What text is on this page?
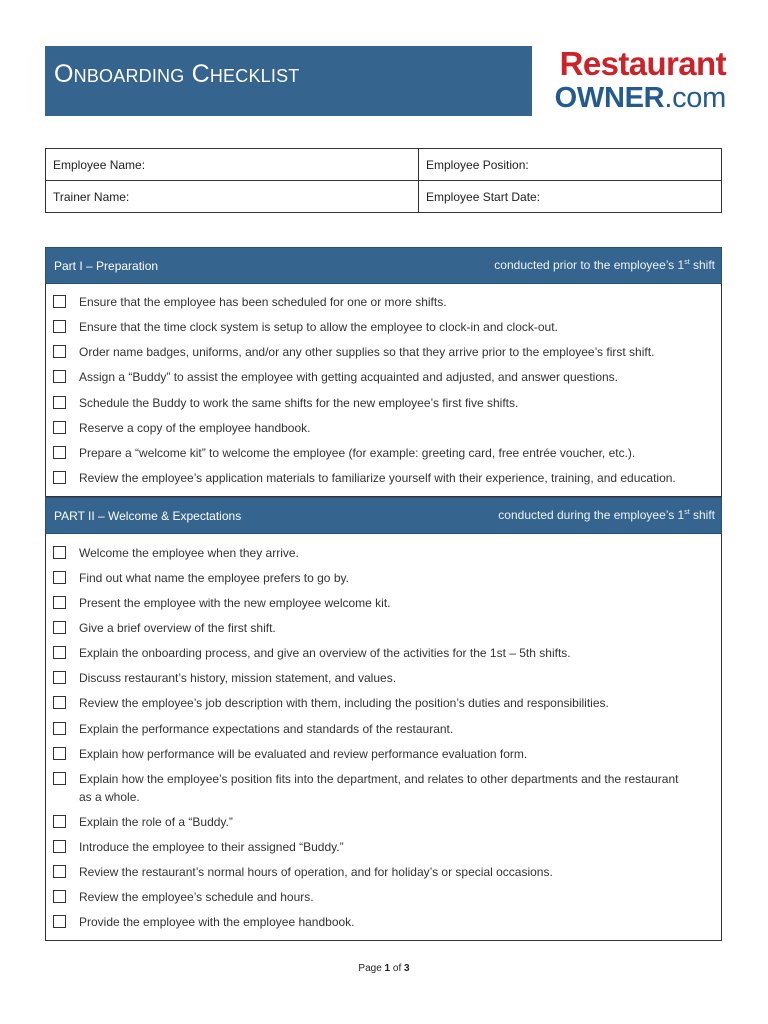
Onboarding Checklist	Restaurant
OWNER.com
Employee Name:	Employee Position:
Trainer Name:	Employee Start Date:
Part I – Preparation	conducted prior to the employee’s 1st shift
Ensure that the employee has been scheduled for one or more shifts.
Ensure that the time clock system is setup to allow the employee to clock-in and clock-out.
Order name badges, uniforms, and/or any other supplies so that they arrive prior to the employee’s first shift.
Assign a “Buddy” to assist the employee with getting acquainted and adjusted, and answer questions.
Schedule the Buddy to work the same shifts for the new employee’s first five shifts.
Reserve a copy of the employee handbook.
Prepare a “welcome kit” to welcome the employee (for example: greeting card, free entrée voucher, etc.).
Review the employee’s application materials to familiarize yourself with their experience, training, and education.
PART II – Welcome & Expectations	conducted during the employee’s 1st shift
Welcome the employee when they arrive.
Find out what name the employee prefers to go by.
Present the employee with the new employee welcome kit.
Give a brief overview of the first shift.
Explain the onboarding process, and give an overview of the activities for the 1st – 5th shifts.
Discuss restaurant’s history, mission statement, and values.
Review the employee’s job description with them, including the position’s duties and responsibilities.
Explain the performance expectations and standards of the restaurant.
Explain how performance will be evaluated and review performance evaluation form.
Explain how the employee’s position fits into the department, and relates to other departments and the restaurant as a whole.
Explain the role of a “Buddy.”
Introduce the employee to their assigned “Buddy.”
Review the restaurant’s normal hours of operation, and for holiday’s or special occasions.
Review the employee’s schedule and hours.
Provide the employee with the employee handbook.
Page 1 of 3
